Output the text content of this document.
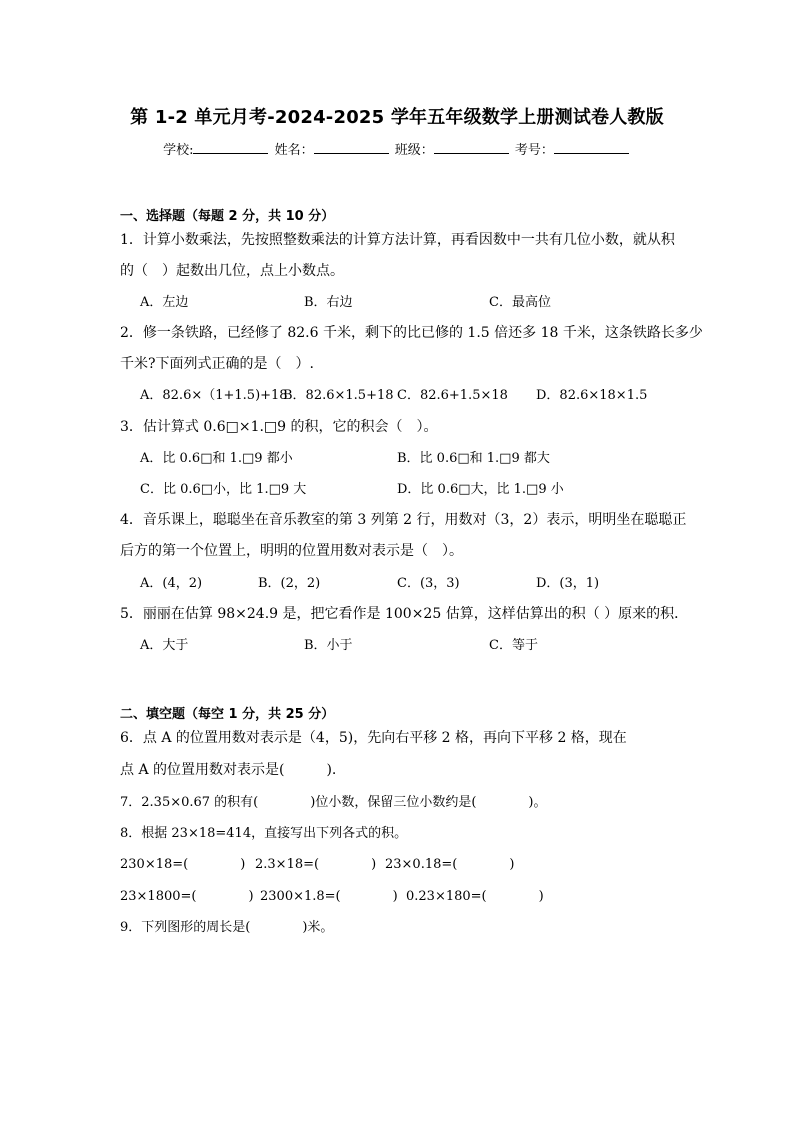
第 1-2 单元月考-2024-2025 学年五年级数学上册测试卷人教版
学校:	姓名：	班级：	考号：
一、选择题（每题 2 分，共 10 分）
1．计算小数乘法，先按照整数乘法的计算方法计算，再看因数中一共有几位小数，就从积
的（　）起数出几位，点上小数点。
A．左边	B．右边	C．最高位
2．修一条铁路，已经修了 82.6 千米，剩下的比已修的 1.5 倍还多 18 千米，这条铁路长多少
千米?下面列式正确的是（　）.
A．82.6×（1+1.5)+18
B．82.6×1.5+18 C．82.6+1.5×18 D．82.6×18×1.5
3．估计算式 0.6□×1.□9 的积，它的积会（　）。
A．比 0.6□和 1.□9 都小	B．比 0.6□和 1.□9 都大
C．比 0.6□小，比 1.□9 大	D．比 0.6□大，比 1.□9 小
4．音乐课上，聪聪坐在音乐教室的第 3 列第 2 行，用数对（3，2）表示，明明坐在聪聪正
后方的第一个位置上，明明的位置用数对表示是（　）。
A．(4，2)	B．(2，2)	C．(3，3)	D．(3，1)
5．丽丽在估算 98×24.9 是，把它看作是 100×25 估算，这样估算出的积（ ）原来的积．
A．大于	B．小于	C．等于
二、填空题（每空 1 分，共 25 分）
6．点 A 的位置用数对表示是（4，5)，先向右平移 2 格，再向下平移 2 格，现在
点 A 的位置用数对表示是(　　　).
7．2.35×0.67 的积有(　　　　)位小数，保留三位小数约是(　　　　)。
8．根据 23×18=414，直接写出下列各式的积。
230×18=(　　　　) 2.3×18=(　　　　) 23×0.18=(　　　　)
23×1800=(　　　　) 2300×1.8=(　　　　) 0.23×180=(　　　　)
9．下列图形的周长是(　　　　)米。
